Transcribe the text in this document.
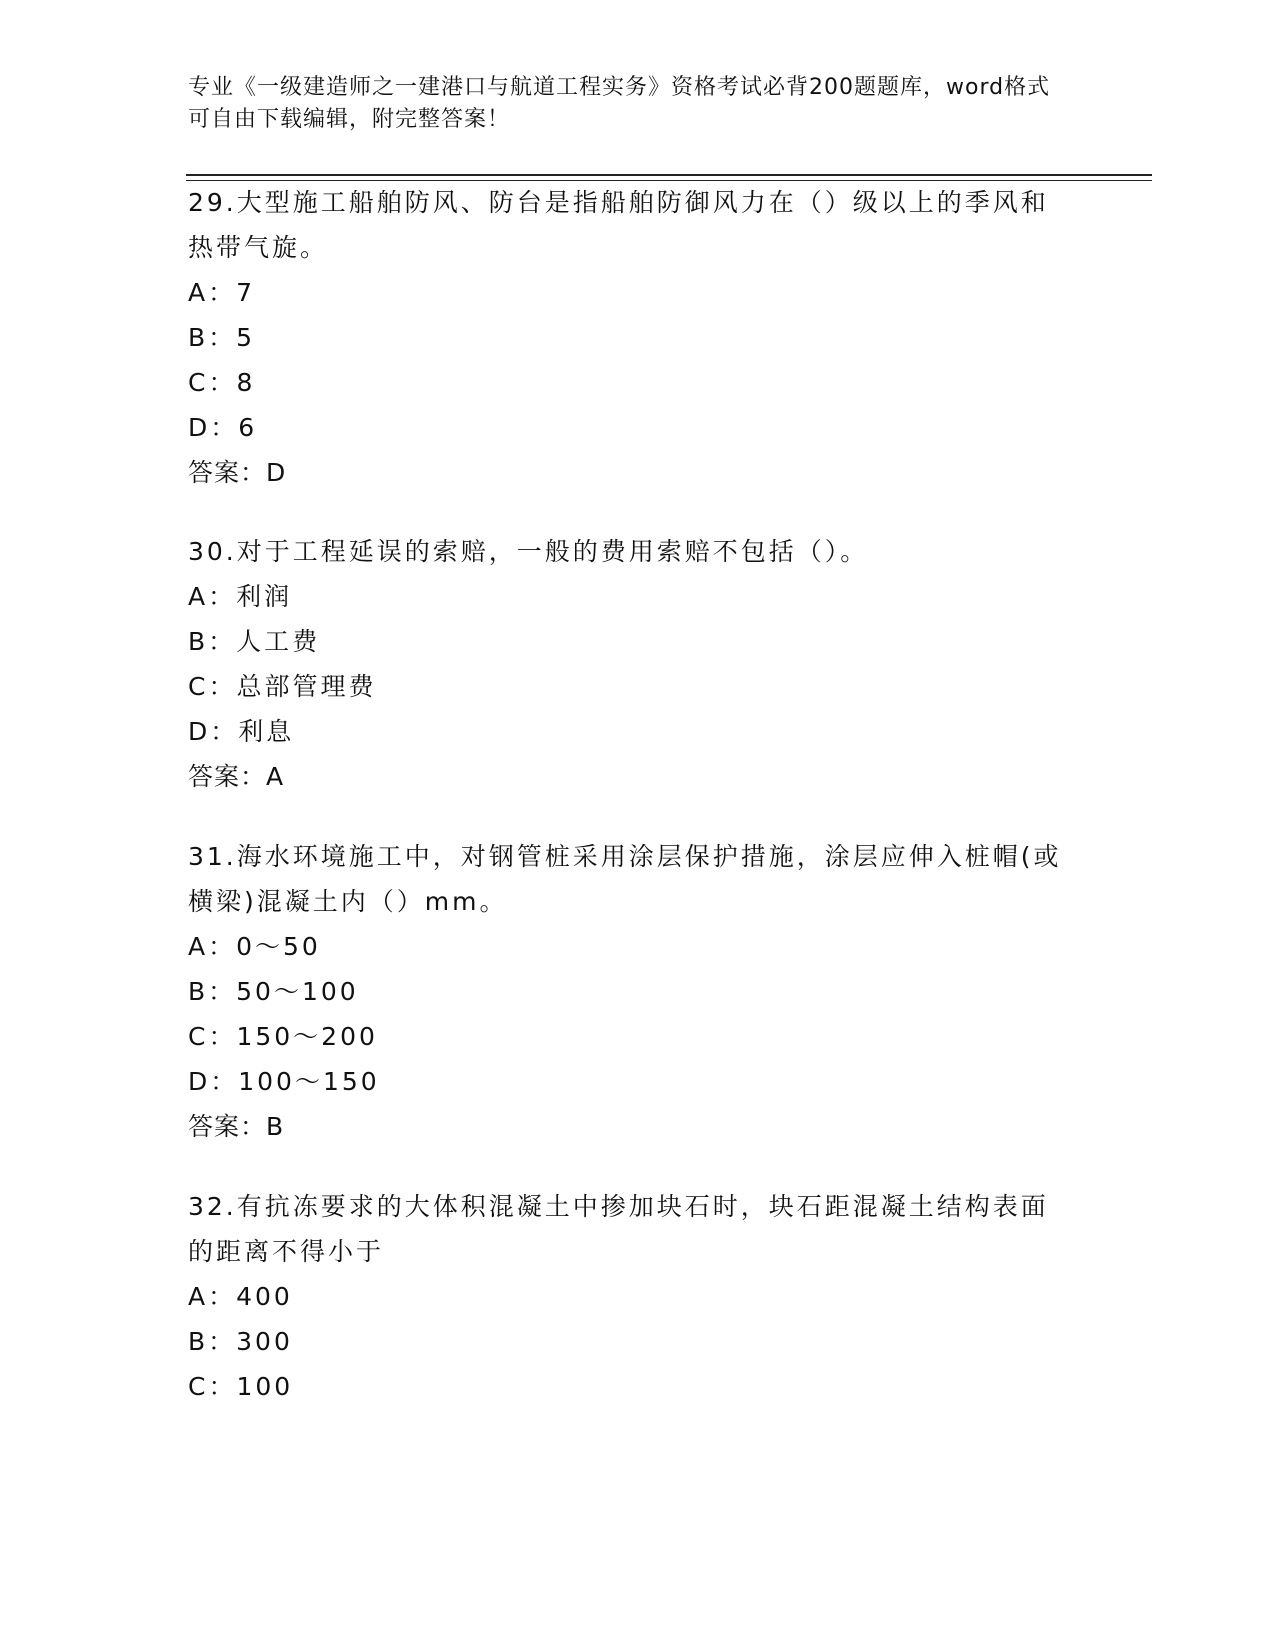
专业《一级建造师之一建港口与航道工程实务》资格考试必背200题题库，word格式可自由下载编辑，附完整答案！

29.大型施工船舶防风、防台是指船舶防御风力在（）级以上的季风和热带气旋。

A：7

B：5

C：8

D：6

答案：D

30.对于工程延误的索赔，一般的费用索赔不包括（）。

A：利润

B：人工费

C：总部管理费

D：利息

答案：A

31.海水环境施工中，对钢管桩采用涂层保护措施，涂层应伸入桩帽(或横梁)混凝土内（）mm。

A：0～50

B：50～100

C：150～200

D：100～150

答案：B

32.有抗冻要求的大体积混凝土中掺加块石时，块石距混凝土结构表面的距离不得小于

A：400

B：300

C：100
